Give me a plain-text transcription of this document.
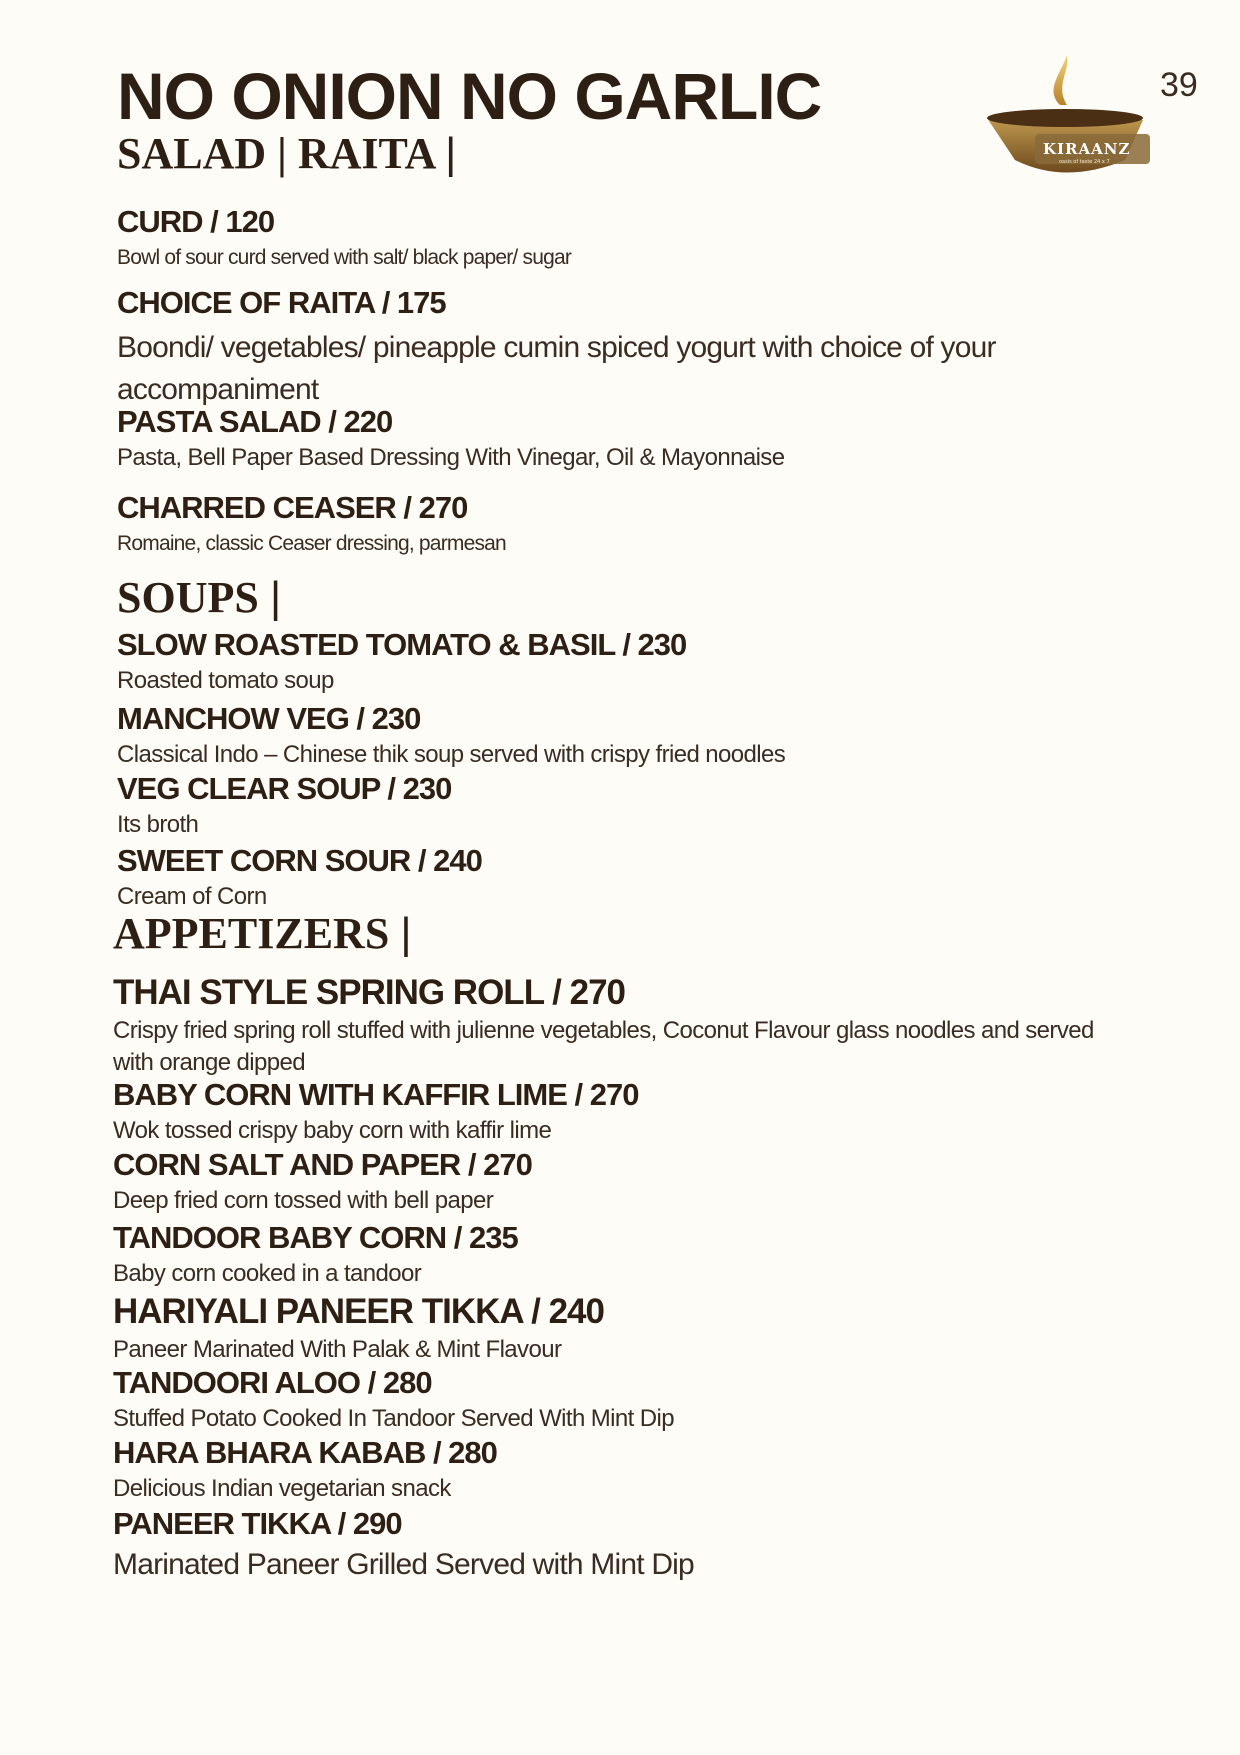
39
KIRAANZ
oasis of taste 24 x 7
NO ONION NO GARLIC
SALAD | RAITA |
CURD / 120
Bowl of sour curd served with salt/ black paper/ sugar
CHOICE OF RAITA / 175
Boondi/ vegetables/ pineapple cumin spiced yogurt with choice of your accompaniment
PASTA SALAD / 220
Pasta, Bell Paper Based Dressing With Vinegar, Oil & Mayonnaise
CHARRED CEASER / 270
Romaine, classic Ceaser dressing, parmesan
SOUPS |
SLOW ROASTED TOMATO & BASIL / 230
Roasted tomato soup
MANCHOW VEG / 230
Classical Indo – Chinese thik soup served with crispy fried noodles
VEG CLEAR SOUP / 230
Its broth
SWEET CORN SOUR / 240
Cream of Corn
APPETIZERS |
THAI STYLE SPRING ROLL / 270
Crispy fried spring roll stuffed with julienne vegetables, Coconut Flavour glass noodles and served with orange dipped
BABY CORN WITH KAFFIR LIME / 270
Wok tossed crispy baby corn with kaffir lime
CORN SALT AND PAPER / 270
Deep fried corn tossed with bell paper
TANDOOR BABY CORN / 235
Baby corn cooked in a tandoor
HARIYALI PANEER TIKKA / 240
Paneer Marinated With Palak & Mint Flavour
TANDOORI ALOO / 280
Stuffed Potato Cooked In Tandoor Served With Mint Dip
HARA BHARA KABAB / 280
Delicious Indian vegetarian snack
PANEER TIKKA / 290
Marinated Paneer Grilled Served with Mint Dip
